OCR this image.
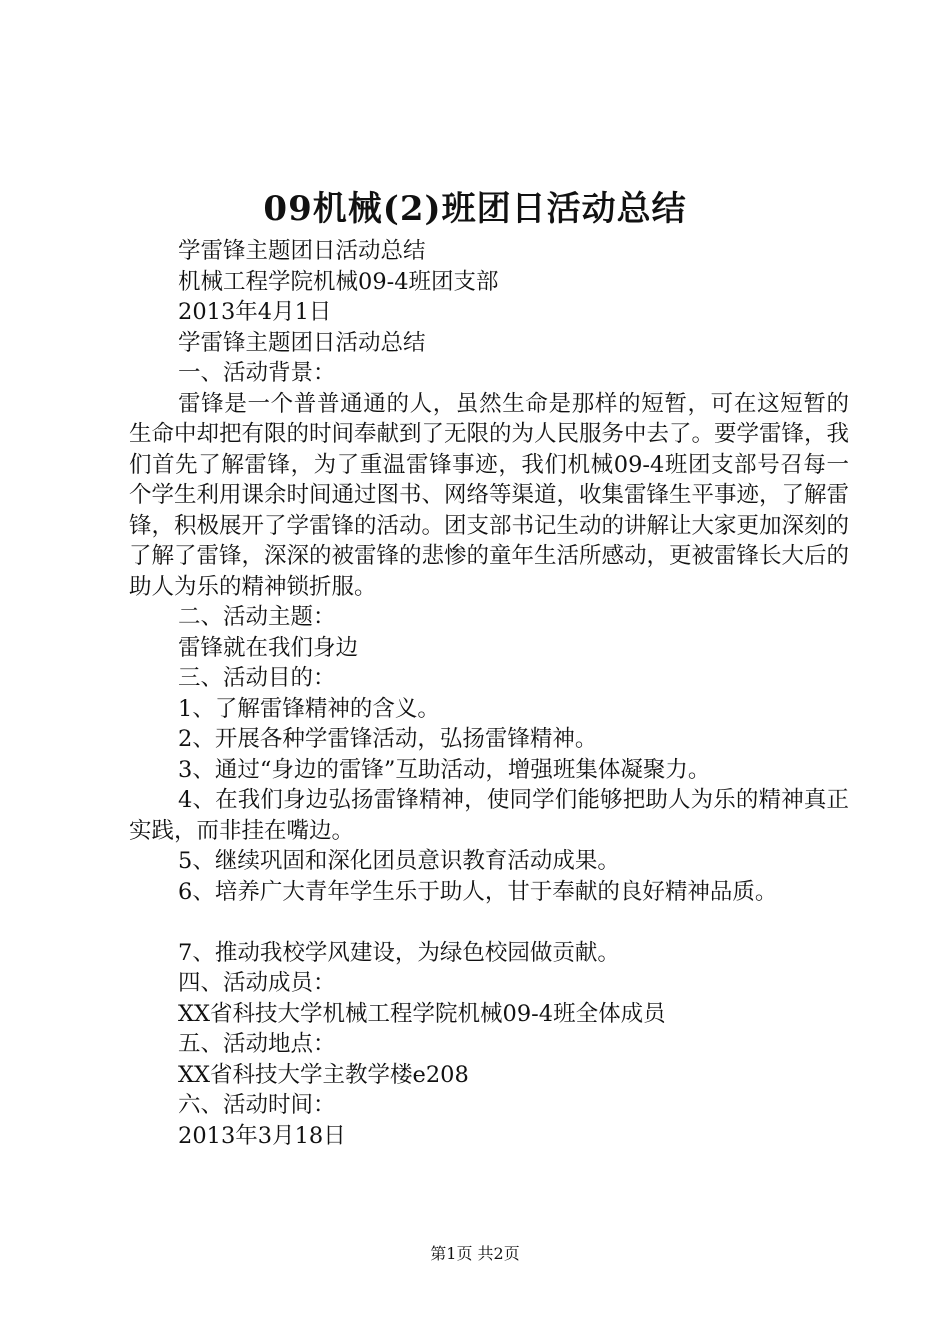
09机械(2)班团日活动总结
学雷锋主题团日活动总结
机械工程学院机械09-4班团支部
2013年4月1日
学雷锋主题团日活动总结
一、活动背景：
雷锋是一个普普通通的人，虽然生命是那样的短暂，可在这短暂的生命中却把有限的时间奉献到了无限的为人民服务中去了。要学雷锋，我们首先了解雷锋，为了重温雷锋事迹，我们机械09-4班团支部号召每一个学生利用课余时间通过图书、网络等渠道，收集雷锋生平事迹，了解雷锋，积极展开了学雷锋的活动。团支部书记生动的讲解让大家更加深刻的了解了雷锋，深深的被雷锋的悲惨的童年生活所感动，更被雷锋长大后的助人为乐的精神锁折服。
二、活动主题：
雷锋就在我们身边
三、活动目的：
1、了解雷锋精神的含义。
2、开展各种学雷锋活动，弘扬雷锋精神。
3、通过“身边的雷锋”互助活动，增强班集体凝聚力。
4、在我们身边弘扬雷锋精神，使同学们能够把助人为乐的精神真正实践，而非挂在嘴边。
5、继续巩固和深化团员意识教育活动成果。
6、培养广大青年学生乐于助人，甘于奉献的良好精神品质。
7、推动我校学风建设，为绿色校园做贡献。
四、活动成员：
XX省科技大学机械工程学院机械09-4班全体成员
五、活动地点：
XX省科技大学主教学楼e208
六、活动时间：
2013年3月18日
第1页 共2页
